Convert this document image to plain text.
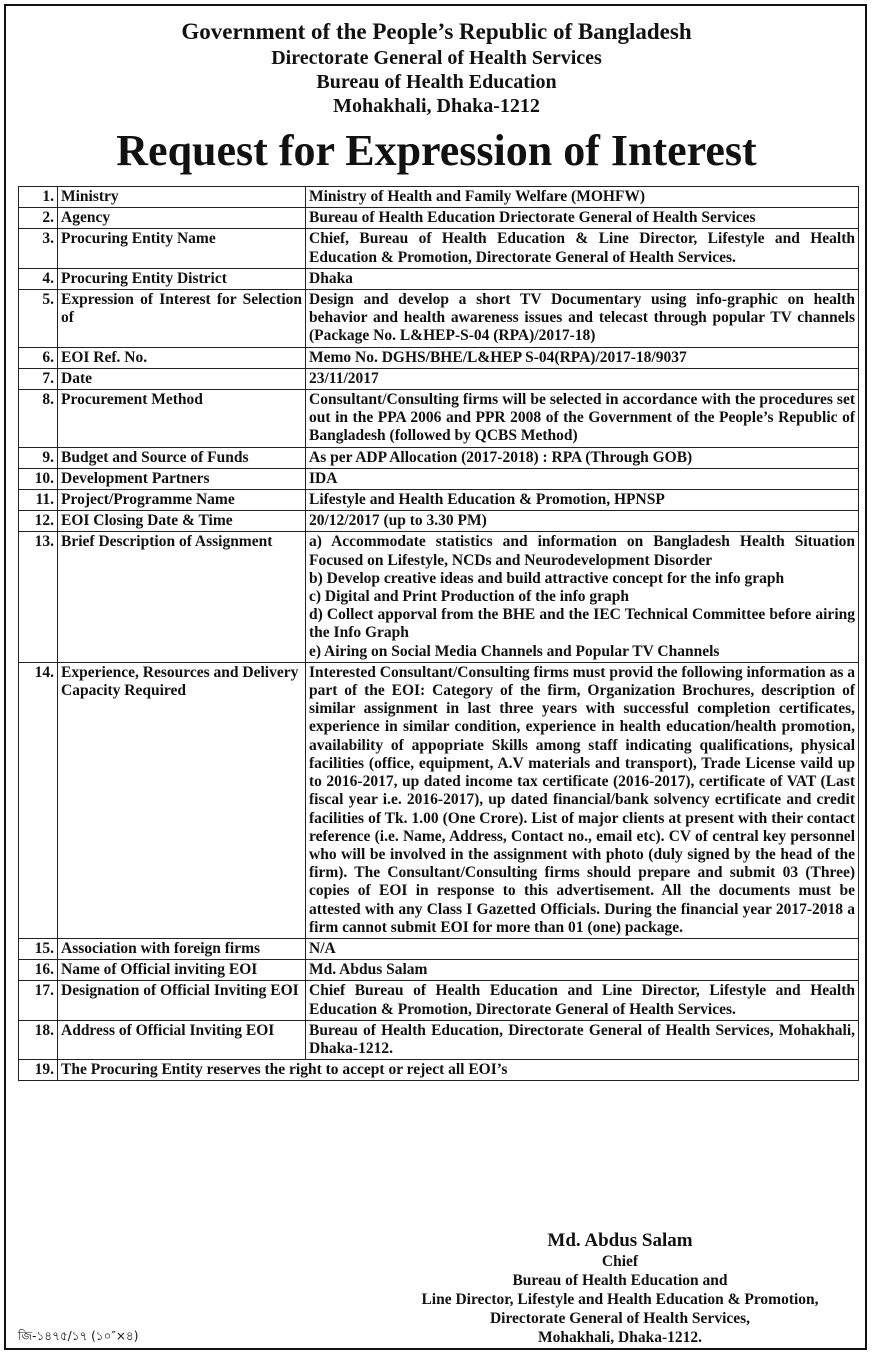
Government of the People’s Republic of Bangladesh
Directorate General of Health Services
Bureau of Health Education
Mohakhali, Dhaka-1212
Request for Expression of Interest
1.	Ministry	Ministry of Health and Family Welfare (MOHFW)
2.	Agency	Bureau of Health Education Driectorate General of Health Services
3.	Procuring Entity Name	Chief, Bureau of Health Education & Line Director, Lifestyle and Health Education & Promotion, Directorate General of Health Services.
4.	Procuring Entity District	Dhaka
5.	Expression of Interest for Selection of	Design and develop a short TV Documentary using info-graphic on health behavior and health awareness issues and telecast through popular TV channels (Package No. L&HEP-S-04 (RPA)/2017-18)
6.	EOI Ref. No.	Memo No. DGHS/BHE/L&HEP S-04(RPA)/2017-18/9037
7.	Date	23/11/2017
8.	Procurement Method	Consultant/Consulting firms will be selected in accordance with the procedures set out in the PPA 2006 and PPR 2008 of the Government of the People’s Republic of Bangladesh (followed by QCBS Method)
9.	Budget and Source of Funds	As per ADP Allocation (2017-2018) : RPA (Through GOB)
10.	Development Partners	IDA
11.	Project/Programme Name	Lifestyle and Health Education & Promotion, HPNSP
12.	EOI Closing Date & Time	20/12/2017 (up to 3.30 PM)
13.	Brief Description of Assignment	a) Accommodate statistics and information on Bangladesh Health Situation Focused on Lifestyle, NCDs and Neurodevelopment Disorder
b) Develop creative ideas and build attractive concept for the info graph
c) Digital and Print Production of the info graph
d) Collect apporval from the BHE and the IEC Technical Committee before airing the Info Graph
e) Airing on Social Media Channels and Popular TV Channels

14.	Experience, Resources and Delivery Capacity Required	Interested Consultant/Consulting firms must provid the following information as a part of the EOI: Category of the firm, Organization Brochures, description of similar assignment in last three years with successful completion certificates, experience in similar condition, experience in health education/health promotion, availability of appopriate Skills among staff indicating qualifications, physical facilities (office, equipment, A.V materials and transport), Trade License vaild up to 2016-2017, up dated income tax certificate (2016-2017), certificate of VAT (Last fiscal year i.e. 2016-2017), up dated financial/bank solvency ecrtificate and credit facilities of Tk. 1.00 (One Crore). List of major clients at present with their contact reference (i.e. Name, Address, Contact no., email etc). CV of central key personnel who will be involved in the assignment with photo (duly signed by the head of the firm). The Consultant/Consulting firms should prepare and submit 03 (Three) copies of EOI in response to this advertisement. All the documents must be attested with any Class I Gazetted Officials. During the financial year 2017-2018 a firm cannot submit EOI for more than 01 (one) package.
15.	Association with foreign firms	N/A
16.	Name of Official inviting EOI	Md. Abdus Salam
17.	Designation of Official Inviting EOI	Chief Bureau of Health Education and Line Director, Lifestyle and Health Education & Promotion, Directorate General of Health Services.
18.	Address of Official Inviting EOI	Bureau of Health Education, Directorate General of Health Services, Mohakhali, Dhaka-1212.
19.	The Procuring Entity reserves the right to accept or reject all EOI’s	
Md. Abdus Salam
Chief
Bureau of Health Education and
Line Director, Lifestyle and Health Education & Promotion,
Directorate General of Health Services,
Mohakhali, Dhaka-1212.
জি-১৪৭৫/১৭ (১০″×৪)
